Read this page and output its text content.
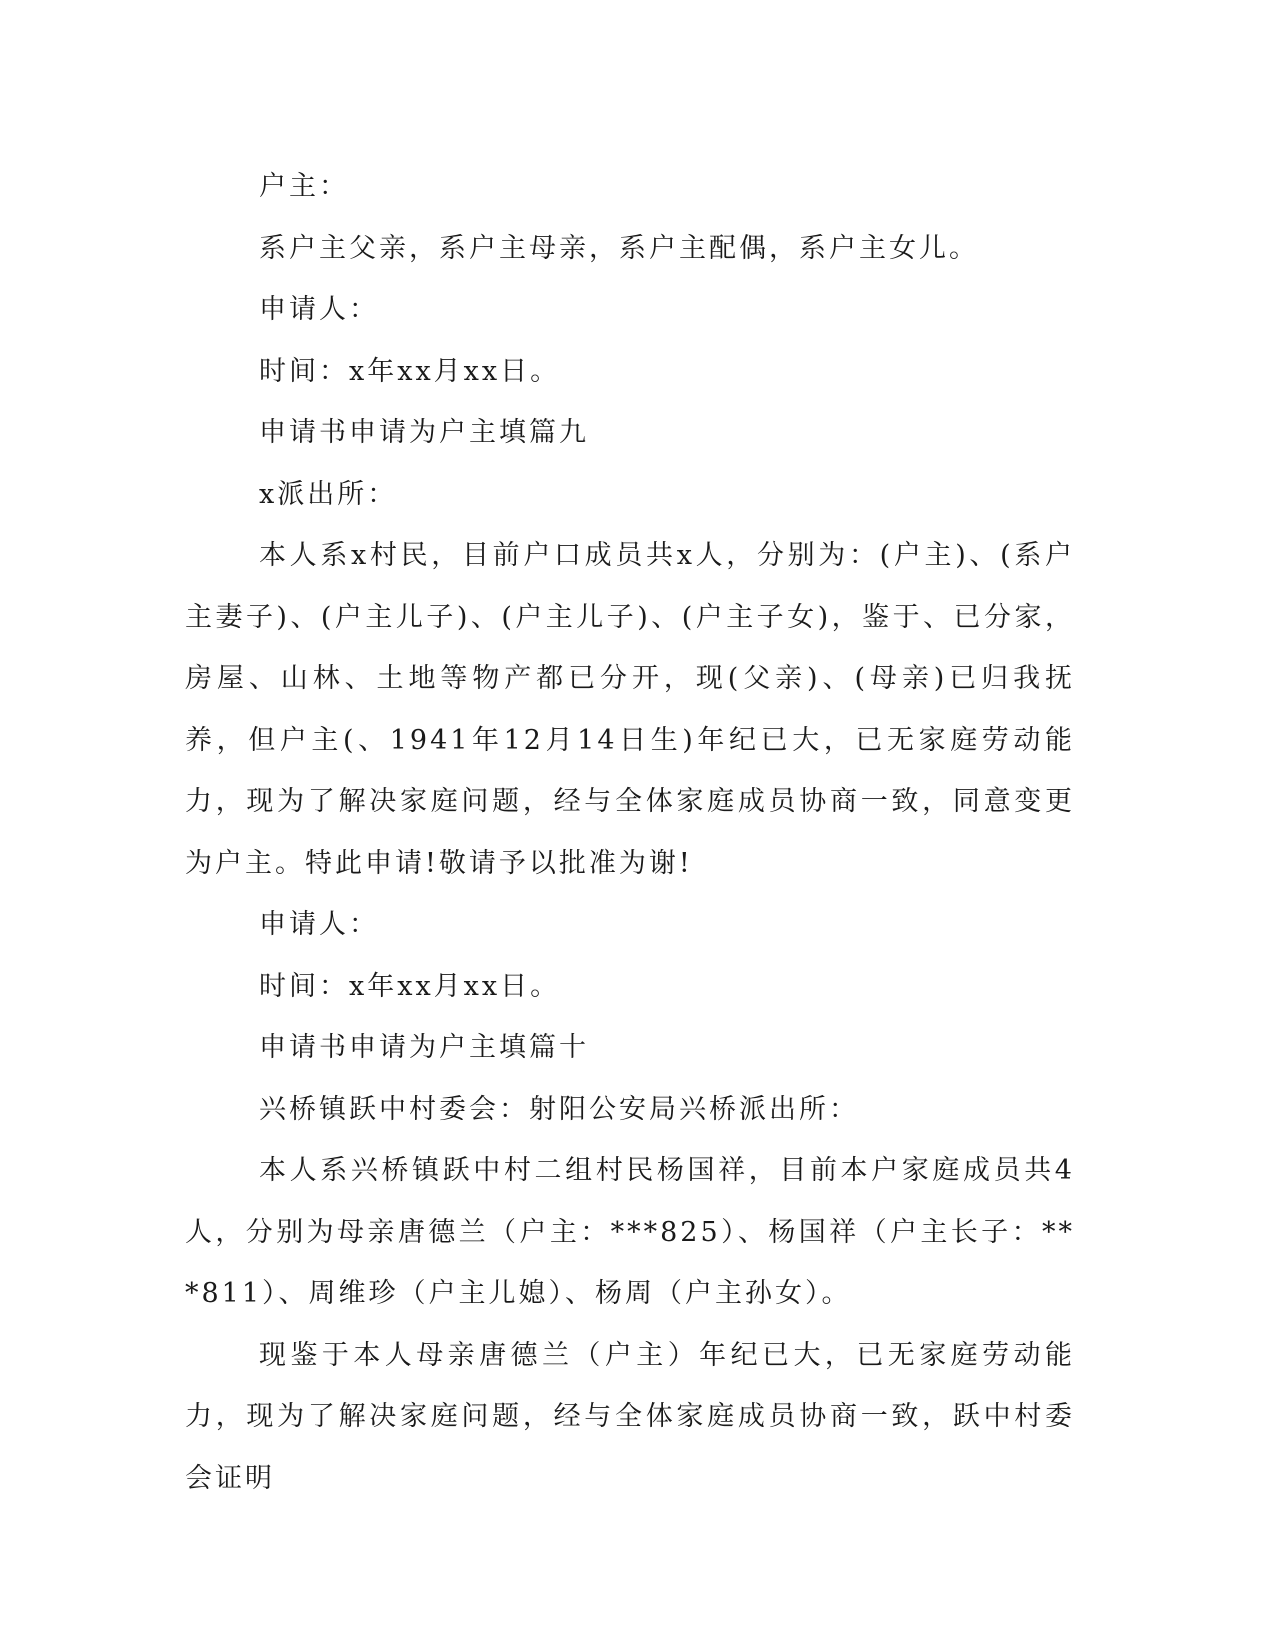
户主：

系户主父亲，系户主母亲，系户主配偶，系户主女儿。

申请人：

时间：x年xx月xx日。

申请书申请为户主填篇九

x派出所：

本人系x村民，目前户口成员共x人，分别为：(户主)、(系户主妻子)、(户主儿子)、(户主儿子)、(户主子女)，鉴于、已分家，房屋、山林、土地等物产都已分开，现(父亲)、(母亲)已归我抚养，但户主(、1941年12月14日生)年纪已大，已无家庭劳动能力，现为了解决家庭问题，经与全体家庭成员协商一致，同意变更为户主。特此申请!敬请予以批准为谢!

申请人：

时间：x年xx月xx日。

申请书申请为户主填篇十

兴桥镇跃中村委会：射阳公安局兴桥派出所：

本人系兴桥镇跃中村二组村民杨国祥，目前本户家庭成员共4人，分别为母亲唐德兰（户主：***825）、杨国祥（户主长子：***811）、周维珍（户主儿媳）、杨周（户主孙女）。

现鉴于本人母亲唐德兰（户主）年纪已大，已无家庭劳动能力，现为了解决家庭问题，经与全体家庭成员协商一致，跃中村委会证明
